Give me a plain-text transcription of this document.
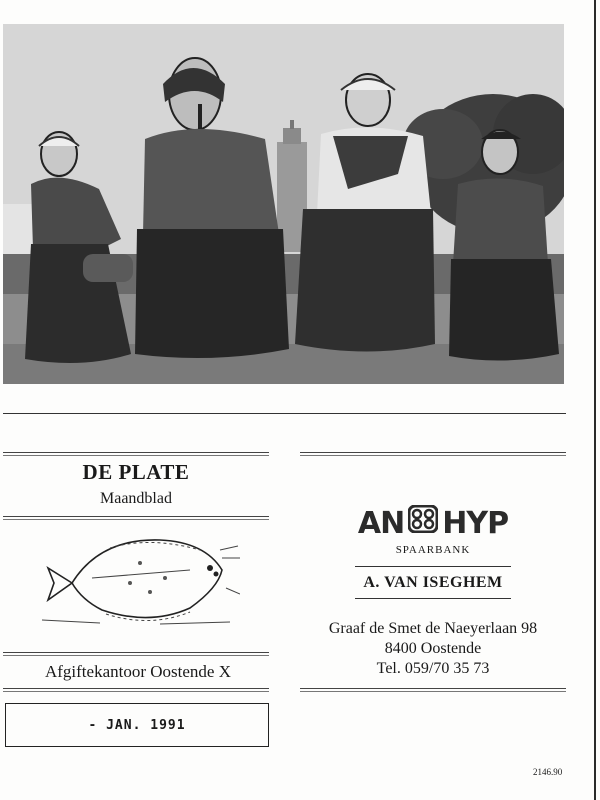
DE PLATE
Maandblad
Afgiftekantoor Oostende X
- JAN. 1991
AN HYP
SPAARBANK
A. VAN ISEGHEM
Graaf de Smet de Naeyerlaan 98
8400 Oostende
Tel. 059/70 35 73
2146.90
